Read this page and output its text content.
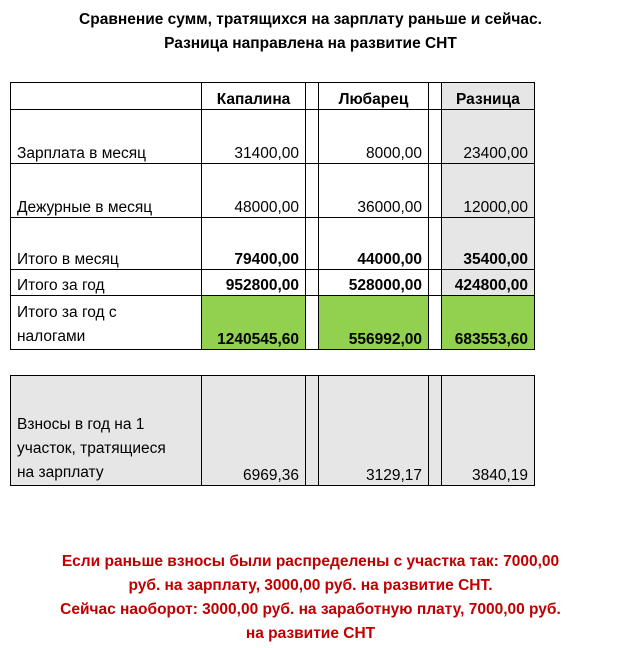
Сравнение сумм, тратящихся на зарплату раньше и сейчас.
Разница направлена на развитие СНТ
	Капалина		Любарец		Разница
Зарплата в месяц	31400,00		8000,00		23400,00
Дежурные в месяц	48000,00		36000,00		12000,00
Итого в месяц	79400,00		44000,00		35400,00
Итого за год	952800,00		528000,00		424800,00

Итого за год с
налогами	1240545,60		556992,00		683553,60
Взносы в год на 1
участок, тратящиеся
на зарплату	6969,36		3129,17		3840,19
Если раньше взносы были распределены с участка так: 7000,00
руб. на зарплату, 3000,00 руб. на развитие СНТ.
Сейчас наоборот: 3000,00 руб. на заработную плату, 7000,00 руб.
на развитие СНТ
